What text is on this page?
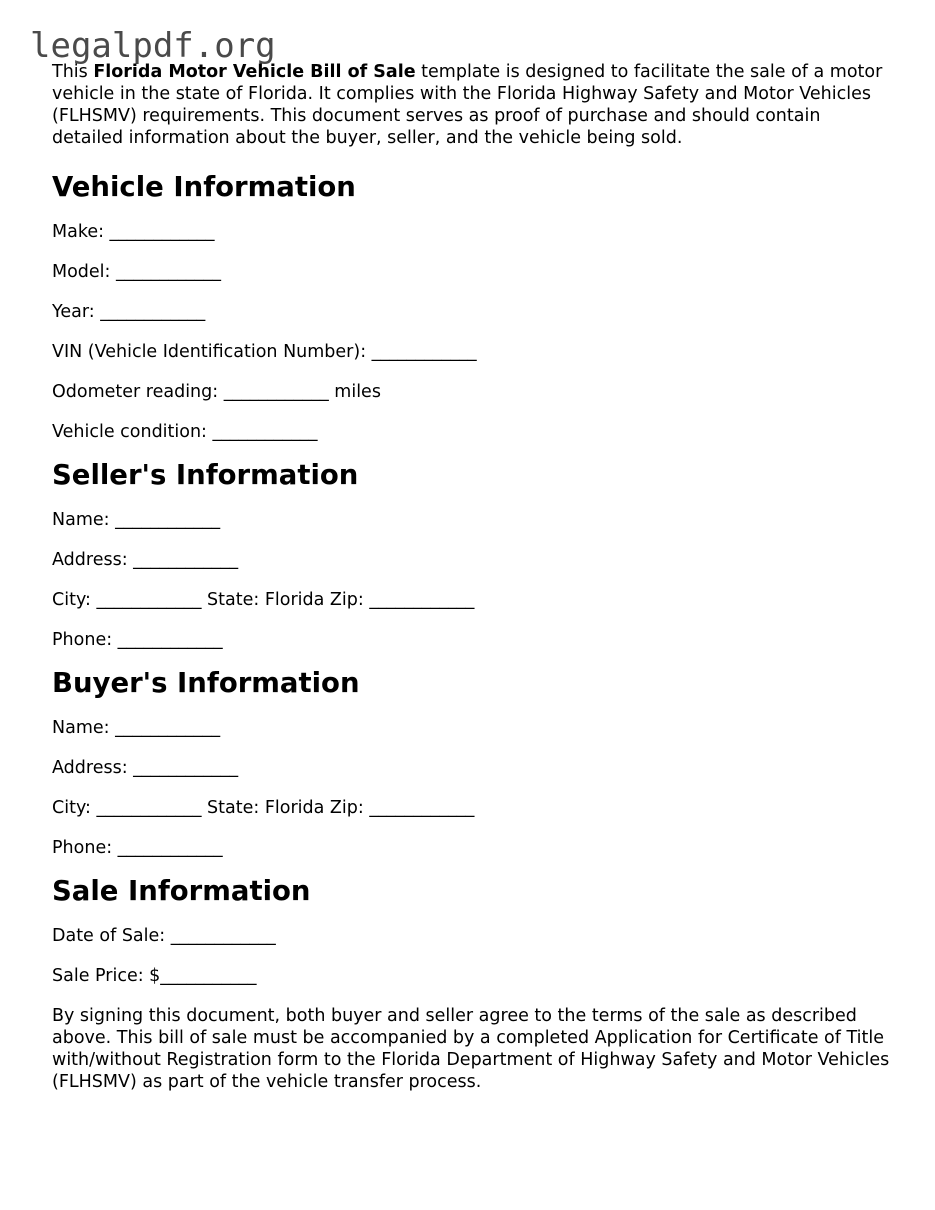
legalpdf.org

This Florida Motor Vehicle Bill of Sale template is designed to facilitate the sale of a motor vehicle in the state of Florida. It complies with the Florida Highway Safety and Motor Vehicles (FLHSMV) requirements. This document serves as proof of purchase and should contain detailed information about the buyer, seller, and the vehicle being sold.

Vehicle Information

Make: ____________

Model: ____________

Year: ____________

VIN (Vehicle Identification Number): ____________

Odometer reading: ____________ miles

Vehicle condition: ____________

Seller's Information

Name: ____________

Address: ____________

City: ____________ State: Florida Zip: ____________

Phone: ____________

Buyer's Information

Name: ____________

Address: ____________

City: ____________ State: Florida Zip: ____________

Phone: ____________

Sale Information

Date of Sale: ____________

Sale Price: $___________

By signing this document, both buyer and seller agree to the terms of the sale as described above. This bill of sale must be accompanied by a completed Application for Certificate of Title with/without Registration form to the Florida Department of Highway Safety and Motor Vehicles (FLHSMV) as part of the vehicle transfer process.
